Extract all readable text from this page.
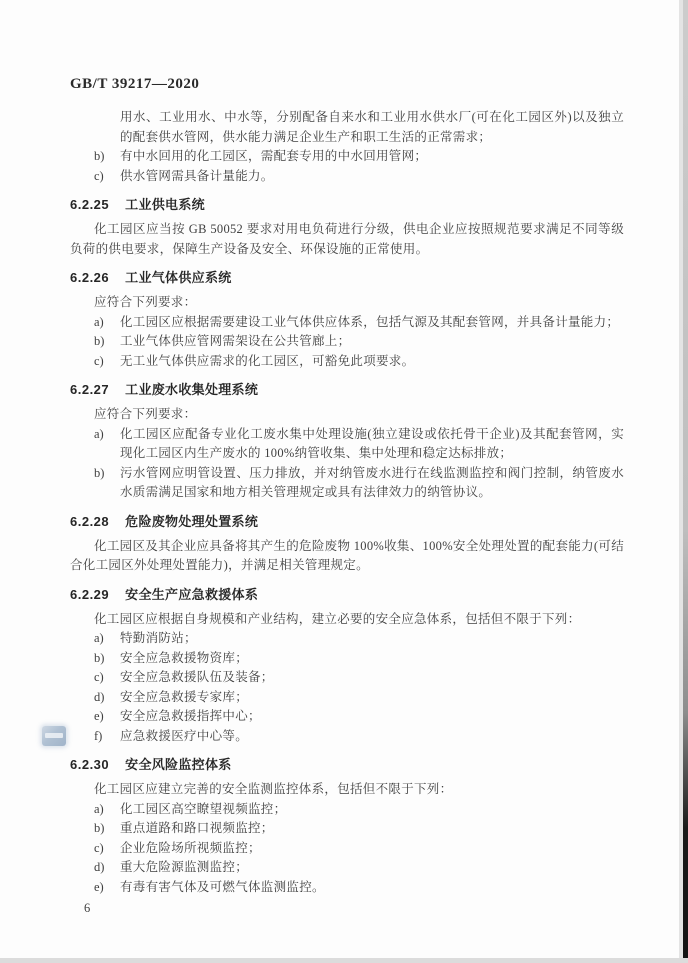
GB/T 39217—2020
用水、工业用水、中水等，分别配备自来水和工业用水供水厂(可在化工园区外)以及独立的配套供水管网，供水能力满足企业生产和职工生活的正常需求；
b) 有中水回用的化工园区，需配套专用的中水回用管网；
c) 供水管网需具备计量能力。
6.2.25 工业供电系统
化工园区应当按 GB 50052 要求对用电负荷进行分级，供电企业应按照规范要求满足不同等级负荷的供电要求，保障生产设备及安全、环保设施的正常使用。
6.2.26 工业气体供应系统
应符合下列要求：
a) 化工园区应根据需要建设工业气体供应体系，包括气源及其配套管网，并具备计量能力；
b) 工业气体供应管网需架设在公共管廊上；
c) 无工业气体供应需求的化工园区，可豁免此项要求。
6.2.27 工业废水收集处理系统
应符合下列要求：
a) 化工园区应配备专业化工废水集中处理设施(独立建设或依托骨干企业)及其配套管网，实现化工园区内生产废水的 100%纳管收集、集中处理和稳定达标排放；
b) 污水管网应明管设置、压力排放，并对纳管废水进行在线监测监控和阀门控制，纳管废水水质需满足国家和地方相关管理规定或具有法律效力的纳管协议。
6.2.28 危险废物处理处置系统
化工园区及其企业应具备将其产生的危险废物 100%收集、100%安全处理处置的配套能力(可结合化工园区外处理处置能力)，并满足相关管理规定。
6.2.29 安全生产应急救援体系
化工园区应根据自身规模和产业结构，建立必要的安全应急体系，包括但不限于下列：
a) 特勤消防站；
b) 安全应急救援物资库；
c) 安全应急救援队伍及装备；
d) 安全应急救援专家库；
e) 安全应急救援指挥中心；
f) 应急救援医疗中心等。
6.2.30 安全风险监控体系
化工园区应建立完善的安全监测监控体系，包括但不限于下列：
a) 化工园区高空瞭望视频监控；
b) 重点道路和路口视频监控；
c) 企业危险场所视频监控；
d) 重大危险源监测监控；
e) 有毒有害气体及可燃气体监测监控。
6
